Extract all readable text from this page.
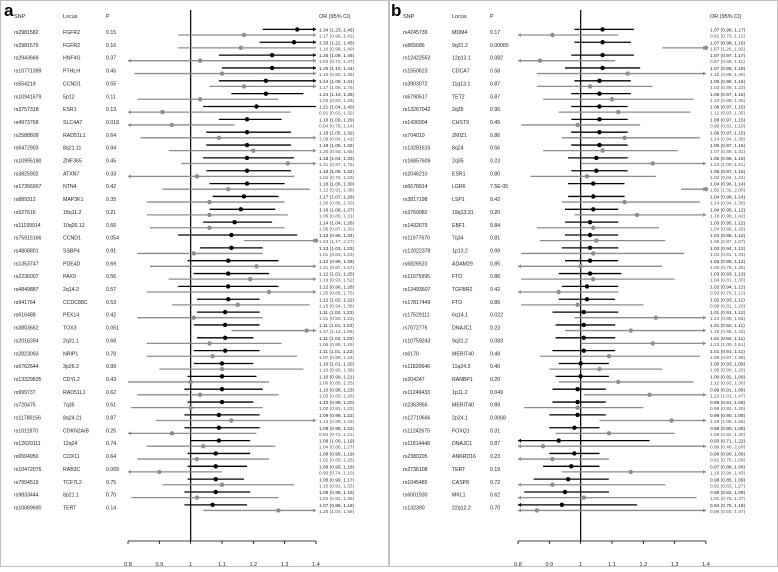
a SNP	Locus	P	OR (95% CI)
rs2981582	FGFR2	0.15	1.34 (1.23, 1.46)
1.17 (0.96, 1.41)
rs2981579	FGFR2	0.16	1.33 (1.22, 1.45)
1.16 (0.96, 1.40)
rs2943669	HNF4G	0.37	1.26 (1.09, 1.46)
1.03 (0.72, 1.47)
rs10771399	PTHLH	0.45	1.26 (1.10, 1.44)
1.10 (0.82, 1.48)
rs554219	CCND1	0.55	1.24 (1.09, 1.41)
1.17 (1.06, 1.76)
rs10941679	5p12	0.11	1.24 (1.13, 1.36)
1.03 (0.83, 1.28)
rs3757318	ESR1	0.13	1.21 (1.04, 1.40)
0.91 (0.63, 1.32)
rs4973768	SLC4A7	0.018	1.18 (1.09, 1.29)
0.94 (0.78, 1.14)
rs2588809	RAD51L1	0.64	1.18 (1.05, 1.32)
1.09 (0.84, 1.41)
rs6472903	8q21.11	0.94	1.18 (1.05, 1.32)
1.20 (0.93, 1.68)
rs10995190	ZNF365	0.45	1.18 (1.04, 1.33)
1.31 (0.97, 1.75)
rs3825902	ATXN7	0.33	1.18 (1.05, 1.32)
1.02 (0.76, 1.33)
rs17356907	NTN4	0.42	1.18 (1.06, 1.30)
1.12 (0.91, 1.38)
rs889312	MAP3K1	0.35	1.17 (1.07, 1.28)
1.06 (0.86, 1.30)
rs527616	18q11.2	0.21	1.16 (1.06, 1.27)
1.06 (0.86, 1.31)
rs11199914	10q26.12	0.66	1.14 (1.04, 1.26)
1.06 (0.87, 1.30)
rs75915166	CCND1	0.054	1.13 (0.96, 1.34)
1.63 (1.17, 2.27)
rs4808801	SSBP4	0.91	1.13 (1.03, 1.23)
1.01 (0.83, 1.23)
rs1353747	PDE4D	0.69	1.12 (0.99, 1.28)
1.21 (0.87, 1.67)
rs2236007	PAX9	0.56	1.12 (1.01, 1.25)
1.19 (0.93, 1.52)
rs4849887	2q14.2	0.57	1.12 (0.96, 1.28)
1.25 (0.86, 1.75)
rs941764	CCDC88C	0.53	1.12 (1.02, 1.22)
1.15 (0.94, 1.38)
rs616488	PEX14	0.42	1.11 (1.02, 1.22)
1.01 (0.83, 1.23)
rs3803662	TOX3	0.051	1.11 (1.01, 1.22)
1.37 (1.13, 1.66)
rs2016394	2q31.1	0.68	1.11 (1.02, 1.20)
1.06 (0.86, 1.29)
rs2823093	NRIP1	0.78	1.11 (1.01, 1.22)
1.07 (0.86, 1.34)
rs6762644	3p26.2	0.99	1.10 (1.01, 1.20)
1.10 (0.90, 1.36)
rs13329835	CDYL2	0.43	1.10 (0.99, 1.21)
1.00 (0.80, 1.25)
rs999737	RAD51L1	0.62	1.10 (0.98, 1.23)
1.03 (0.83, 1.28)
rs720475	7q35	0.51	1.10 (0.99, 1.20)
1.00 (0.81, 1.23)
rs11780156	8q24.21	0.87	1.09 (0.98, 1.22)
1.13 (0.89, 1.43)
rs1011970	CDKN2A/B	0.25	1.09 (0.98, 1.22)
0.94 (0.72, 1.21)
rs12620111	12q24	0.74	1.09 (1.00, 1.19)
1.04 (0.86, 1.27)
rs6504950	COX11	0.64	1.08 (0.99, 1.19)
1.02 (0.83, 1.25)
rs10472076	RAB3C	0.069	1.08 (0.99, 1.18)
0.90 (0.74, 1.10)
rs7904519	TCF7L2	0.75	1.08 (0.99, 1.17)
1.10 (0.91, 1.33)
rs9833444	8p21.1	0.70	1.08 (0.98, 1.19)
1.02 (0.81, 1.28)
rs10069690	TERT	0.14	1.07 (0.98, 1.18)
1.28 (1.04, 1.58)
0.8	0.9	1	1.1	1.2	1.3	1.4
b SNP	Locus	P	OR (95% CI)
rs4245739	MDM4	0.17	1.07 (0.98, 1.17)
0.91 (0.73, 1.12)
rs865686	9q31.2	0.00065	1.07 (0.98, 1.16)
1.67 (1.26, 1.92)
rs12422552	12p13.1	0.082	1.07 (0.97, 1.17)
0.87 (0.68, 1.11)
rs1550623	CDCA7	0.58	1.07 (0.95, 1.19)
1.15 (0.86, 1.49)
rs3903072	11q13.1	0.87	1.06 (0.98, 1.16)
1.03 (0.86, 1.23)
rs6790517	TET2	0.87	1.06 (0.97, 1.16)
1.10 (0.88, 1.36)
rs13267042	2q35	0.96	1.06 (0.97, 1.15)
1.12 (0.93, 1.35)
rs1436904	CHST9	0.45	1.06 (0.97, 1.15)
0.99 (0.81, 1.19)
rs704010	ZMIZ1	0.86	1.06 (0.97, 1.15)
1.14 (0.94, 1.38)
rs13281615	8q24	0.56	1.06 (0.97, 1.15)
1.07 (0.88, 1.31)
rs16857609	2q35	0.23	1.05 (0.96, 1.15)
1.23 (1.00, 1.51)
rs2046210	ESR1	0.80	1.05 (0.97, 1.15)
1.02 (0.84, 1.24)
rs6678914	LGR6	7.5E-05	1.04 (0.96, 1.14)
1.62 (1.32, 2.00)
rs3817198	LSP1	0.42	1.04 (0.96, 1.14)
1.14 (0.94, 1.38)
rs3760982	19q13.31	0.20	1.04 (0.95, 1.12)
1.18 (0.98, 1.42)
rs1432679	EBF1	0.84	1.03 (0.95, 1.12)
1.04 (0.86, 1.25)
rs11977670	7q34	0.81	1.03 (0.95, 1.12)
1.05 (0.87, 1.27)
rs12022378	1p13.2	0.99	1.03 (0.94, 1.12)
1.04 (0.81, 1.33)
rs6826523	ADAM29	0.85	1.03 (0.95, 1.12)
1.00 (0.79, 1.26)
rs11075995	FTO	0.86	1.03 (0.93, 1.13)
1.04 (0.81, 1.30)
rs12493607	TGFBR2	0.42	1.02 (0.94, 1.12)
0.93 (0.76, 1.12)
rs17817449	FTO	0.86	1.02 (0.93, 1.11)
0.99 (0.81, 1.20)
rs17529111	6q14.1	0.022	1.01 (0.91, 1.12)
1.24 (0.98, 1.55)
rs7072776	DNAJC1	0.23	1.01 (0.92, 1.11)
1.16 (0.95, 1.43)
rs10759243	9q31.2	0.083	1.01 (0.92, 1.11)
1.23 (1.00, 1.51)
rs6170	MERIT40	0.49	1.01 (0.91, 1.11)
1.09 (0.87, 1.38)
rs11820646	11q24.3	0.40	1.00 (0.93, 1.09)
1.06 (0.90, 1.26)
rs204247	RANBP1	0.20	1.00 (0.92, 1.09)
1.12 (0.93, 1.36)
rs11249433	1p11.2	0.049	0.99 (0.91, 1.08)
1.22 (1.01, 1.47)
rs2363956	MERIT40	0.89	0.99 (0.91, 1.08)
0.99 (0.82, 1.20)
rs12710696	2p24.1	0.0068	0.99 (0.90, 1.08)
1.29 (1.06, 1.56)
rs11242675	FOXQ1	0.31	0.98 (0.90, 1.06)
1.09 (0.92, 1.30)
rs11814448	DNAJC1	0.87	0.93 (0.71, 1.22)
0.88 (0.48, 2.00)
rs2380205	ANKRD16	0.23	0.98 (0.90, 1.06)
0.91 (0.76, 1.09)
rs2736108	TERT	0.19	0.97 (0.88, 1.06)
1.16 (0.94, 1.43)
rs1045485	CASP8	0.72	0.96 (0.85, 1.09)
0.91 (0.63, 1.27)
rs6001930	MKL1	0.62	0.95 (0.82, 1.09)
1.01 (0.75, 1.37)
rs132390	22q12.2	0.70	0.94 (0.75, 1.18)
0.86 (0.50, 1.47)
0.8	0.9	1	1.1	1.2	1.3	1.4
